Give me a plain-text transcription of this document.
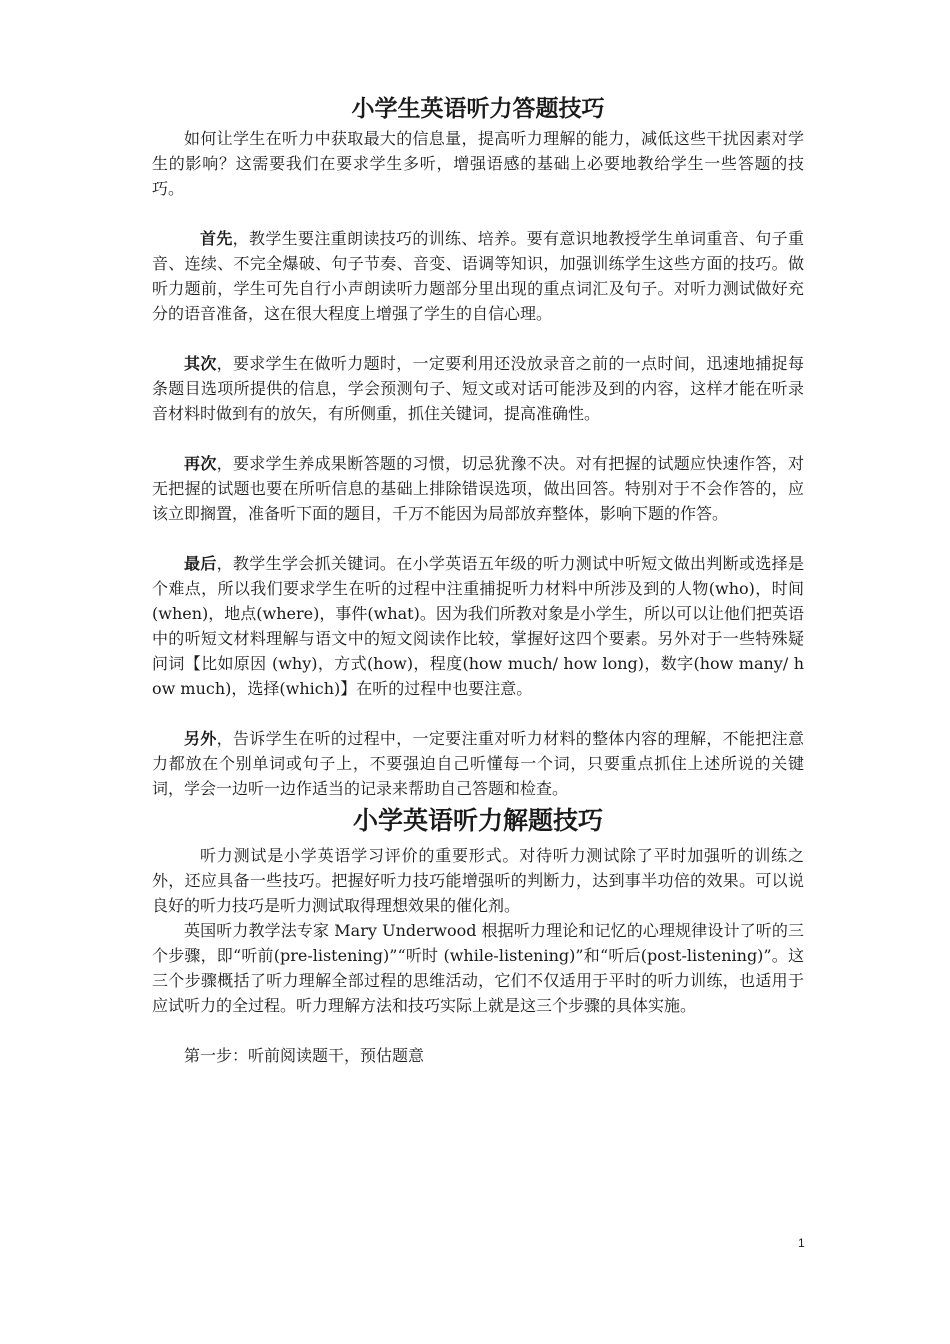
小学生英语听力答题技巧

如何让学生在听力中获取最大的信息量，提高听力理解的能力，减低这些干扰因素对学生的影响？这需要我们在要求学生多听，增强语感的基础上必要地教给学生一些答题的技巧。

首先，教学生要注重朗读技巧的训练、培养。要有意识地教授学生单词重音、句子重音、连续、不完全爆破、句子节奏、音变、语调等知识，加强训练学生这些方面的技巧。做听力题前，学生可先自行小声朗读听力题部分里出现的重点词汇及句子。对听力测试做好充分的语音准备，这在很大程度上增强了学生的自信心理。

其次，要求学生在做听力题时，一定要利用还没放录音之前的一点时间，迅速地捕捉每条题目选项所提供的信息，学会预测句子、短文或对话可能涉及到的内容，这样才能在听录音材料时做到有的放矢，有所侧重，抓住关键词，提高准确性。

再次，要求学生养成果断答题的习惯，切忌犹豫不决。对有把握的试题应快速作答，对无把握的试题也要在所听信息的基础上排除错误选项，做出回答。特别对于不会作答的，应该立即搁置，准备听下面的题目，千万不能因为局部放弃整体，影响下题的作答。

最后，教学生学会抓关键词。在小学英语五年级的听力测试中听短文做出判断或选择是个难点，所以我们要求学生在听的过程中注重捕捉听力材料中所涉及到的人物(who)，时间(when)，地点(where)，事件(what)。因为我们所教对象是小学生，所以可以让他们把英语中的听短文材料理解与语文中的短文阅读作比较，掌握好这四个要素。另外对于一些特殊疑问词【比如原因 (why)，方式(how)，程度(how much/ how long)，数字(how many/ how much)，选择(which)】在听的过程中也要注意。

另外，告诉学生在听的过程中，一定要注重对听力材料的整体内容的理解，不能把注意力都放在个别单词或句子上，不要强迫自己听懂每一个词，只要重点抓住上述所说的关键词，学会一边听一边作适当的记录来帮助自己答题和检查。

小学英语听力解题技巧

听力测试是小学英语学习评价的重要形式。对待听力测试除了平时加强听的训练之外，还应具备一些技巧。把握好听力技巧能增强听的判断力，达到事半功倍的效果。可以说良好的听力技巧是听力测试取得理想效果的催化剂。

英国听力教学法专家 Mary Underwood 根据听力理论和记忆的心理规律设计了听的三个步骤，即“听前(pre-listening)”“听时 (while-listening)”和“听后(post-listening)”。这三个步骤概括了听力理解全部过程的思维活动，它们不仅适用于平时的听力训练，也适用于应试听力的全过程。听力理解方法和技巧实际上就是这三个步骤的具体实施。

第一步：听前阅读题干，预估题意

1
